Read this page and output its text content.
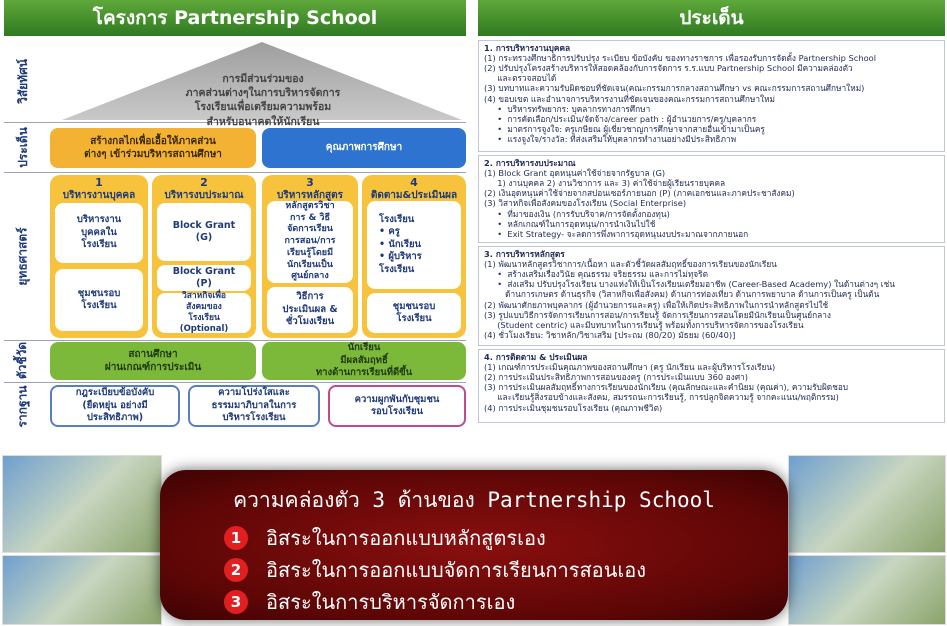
โครงการ Partnership School	ประเด็น
วิสัยทัศน์
ประเด็น
ยุทธศาสตร์
ตัวชี้วัด
รากฐาน
การมีส่วนร่วมของ
ภาคส่วนต่างๆในการบริหารจัดการ
โรงเรียนเพื่อเตรียมความพร้อม
สำหรับอนาคตให้นักเรียน
สร้างกลไกเพื่อเอื้อให้ภาคส่วน
ต่างๆ เข้าร่วมบริหารสถานศึกษา
คุณภาพการศึกษา
1
บริหารงานบุคคล
บริหารงาน
บุคคลใน
โรงเรียน
ชุมชนรอบ
โรงเรียน
2
บริหารงบประมาณ
Block Grant
(G)
Block Grant
(P)
วิสาหกิจเพื่อ
สังคมของ
โรงเรียน
(Optional)
3
บริหารหลักสูตร
หลักสูตรวิชา
การ & วิธี
จัดการเรียน
การสอน/การ
เรียนรู้โดยมี
นักเรียนเป็น
ศูนย์กลาง
วิธีการ
ประเมินผล &
ชั่วโมงเรียน
4
ติดตาม&ประเมินผล
โรงเรียน
• ครู
• นักเรียน
• ผู้บริหาร
โรงเรียน
ชุมชนรอบ
โรงเรียน
สถานศึกษา
ผ่านเกณฑ์การประเมิน
นักเรียน
มีผลสัมฤทธิ์
ทางด้านการเรียนที่ดีขึ้น
กฎระเบียบข้อบังคับ
(ยืดหยุ่น อย่างมี
ประสิทธิภาพ)
ความโปร่งใสและ
ธรรมมาภิบาลในการ
บริหารโรงเรียน
ความผูกพันกับชุมชน
รอบโรงเรียน
1. การบริหารงานบุคคล
(1) กระทรวงศึกษาธิการปรับปรุง ระเบียบ ข้อบังคับ ของทางราชการ เพื่อรองรับการจัดตั้ง Partnership School
(2) ปรับปรุงโครงสร้างบริหารให้สอดคล้องกับการจัดการ ร.ร.แบบ Partnership School มีความคล่องตัว
และตรวจสอบได้
(3) บทบาทและความรับผิดชอบที่ชัดเจน(คณะกรรมการกลางสถานศึกษา vs คณะกรรมการสถานศึกษาใหม่)
(4) ขอบเขต และอำนาจการบริหารงานที่ชัดเจนของคณะกรรมการสถานศึกษาใหม่
•  บริหารทรัพยากร: บุคลากรทางการศึกษา
•  การคัดเลือก/ประเมิน/จัดจ้าง/career path : ผู้อำนวยการ/ครู/บุคลากร
•  มาตรการจูงใจ: ครูเกษียณ ผู้เชี่ยวชาญการศึกษาจากสายอื่นเข้ามาเป็นครู
•  แรงจูงใจ/รางวัล: ที่ส่งเสริมให้บุคลากรทำงานอย่างมีประสิทธิภาพ
2. การบริหารงบประมาณ
(1) Block Grant อุดหนุนค่าใช้จ่ายจากรัฐบาล (G)
1) งานบุคคล 2) งานวิชาการ และ 3) ค่าใช้จ่ายผู้เรียนรายบุคคล
(2) เงินอุดหนุนค่าใช้จ่ายจากสปอนเซอร์ภายนอก (P) (ภาคเอกชนและภาคประชาสังคม)
(3) วิสาหกิจเพื่อสังคมของโรงเรียน (Social Enterprise)
•  ที่มาของเงิน (การรับบริจาค/การจัดตั้งกองทุน)
•  หลักเกณฑ์ในการอุดหนุน/การนำเงินไปใช้
•  Exit Strategy- จะลดการพึ่งพาการอุดหนุนงบประมาณจากภายนอก
3. การบริหารหลักสูตร
(1) พัฒนาหลักสูตรวิชาการ/เนื้อหา และตัวชี้วัดผลสัมฤทธิ์ของการเรียนของนักเรียน
•  สร้างเสริมเรื่องวินัย คุณธรรม จริยธรรม และการไม่ทุจริต
•  ส่งเสริม ปรับปรุงโรงเรียน บางแห่งให้เป็นโรงเรียนเตรียมอาชีพ (Career-Based Academy) ในด้านต่างๆ เช่น
ด้านการเกษตร ด้านธุรกิจ (วิสาหกิจเพื่อสังคม) ด้านการท่องเที่ยว ด้านการพยาบาล ด้านการเป็นครู เป็นต้น
(2) พัฒนาศักยภาพบุคลากร (ผู้อำนวยการและครู) เพื่อให้เกิดประสิทธิภาพในการนำหลักสูตรไปใช้
(3) รูปแบบวิธีการจัดการเรียนการสอน/การเรียนรู้ จัดการเรียนการสอนโดยมีนักเรียนเป็นศูนย์กลาง
(Student centric) และมีบทบาทในการเรียนรู้ พร้อมทั้งการบริหารจัดการของโรงเรียน
(4) ชั่วโมงเรียน: วิชาหลัก/วิชาเสริม [ประถม (80/20) มัธยม (60/40)]
4. การติดตาม & ประเมินผล
(1) เกณฑ์การประเมินคุณภาพของสถานศึกษา (ครู นักเรียน และผู้บริหารโรงเรียน)
(2) การประเมินประสิทธิภาพการสอนของครู (การประเมินแบบ 360 องศา)
(3) การประเมินผลสัมฤทธิ์ทางการเรียนของนักเรียน (คุณลักษณะและคำนิยม (คุณค่า), ความรับผิดชอบ
และเรียนรู้สิ่งรอบข้างและสังคม, สมรรถนะการเรียนรู้, การปลูกจิตความรู้ จากคะแนน/พฤติกรรม)
(4) การประเมินชุมชนรอบโรงเรียน (คุณภาพชีวิต)
ความคล่องตัว 3 ด้านของ Partnership School
1	อิสระในการออกแบบหลักสูตรเอง
2	อิสระในการออกแบบจัดการเรียนการสอนเอง
3	อิสระในการบริหารจัดการเอง
